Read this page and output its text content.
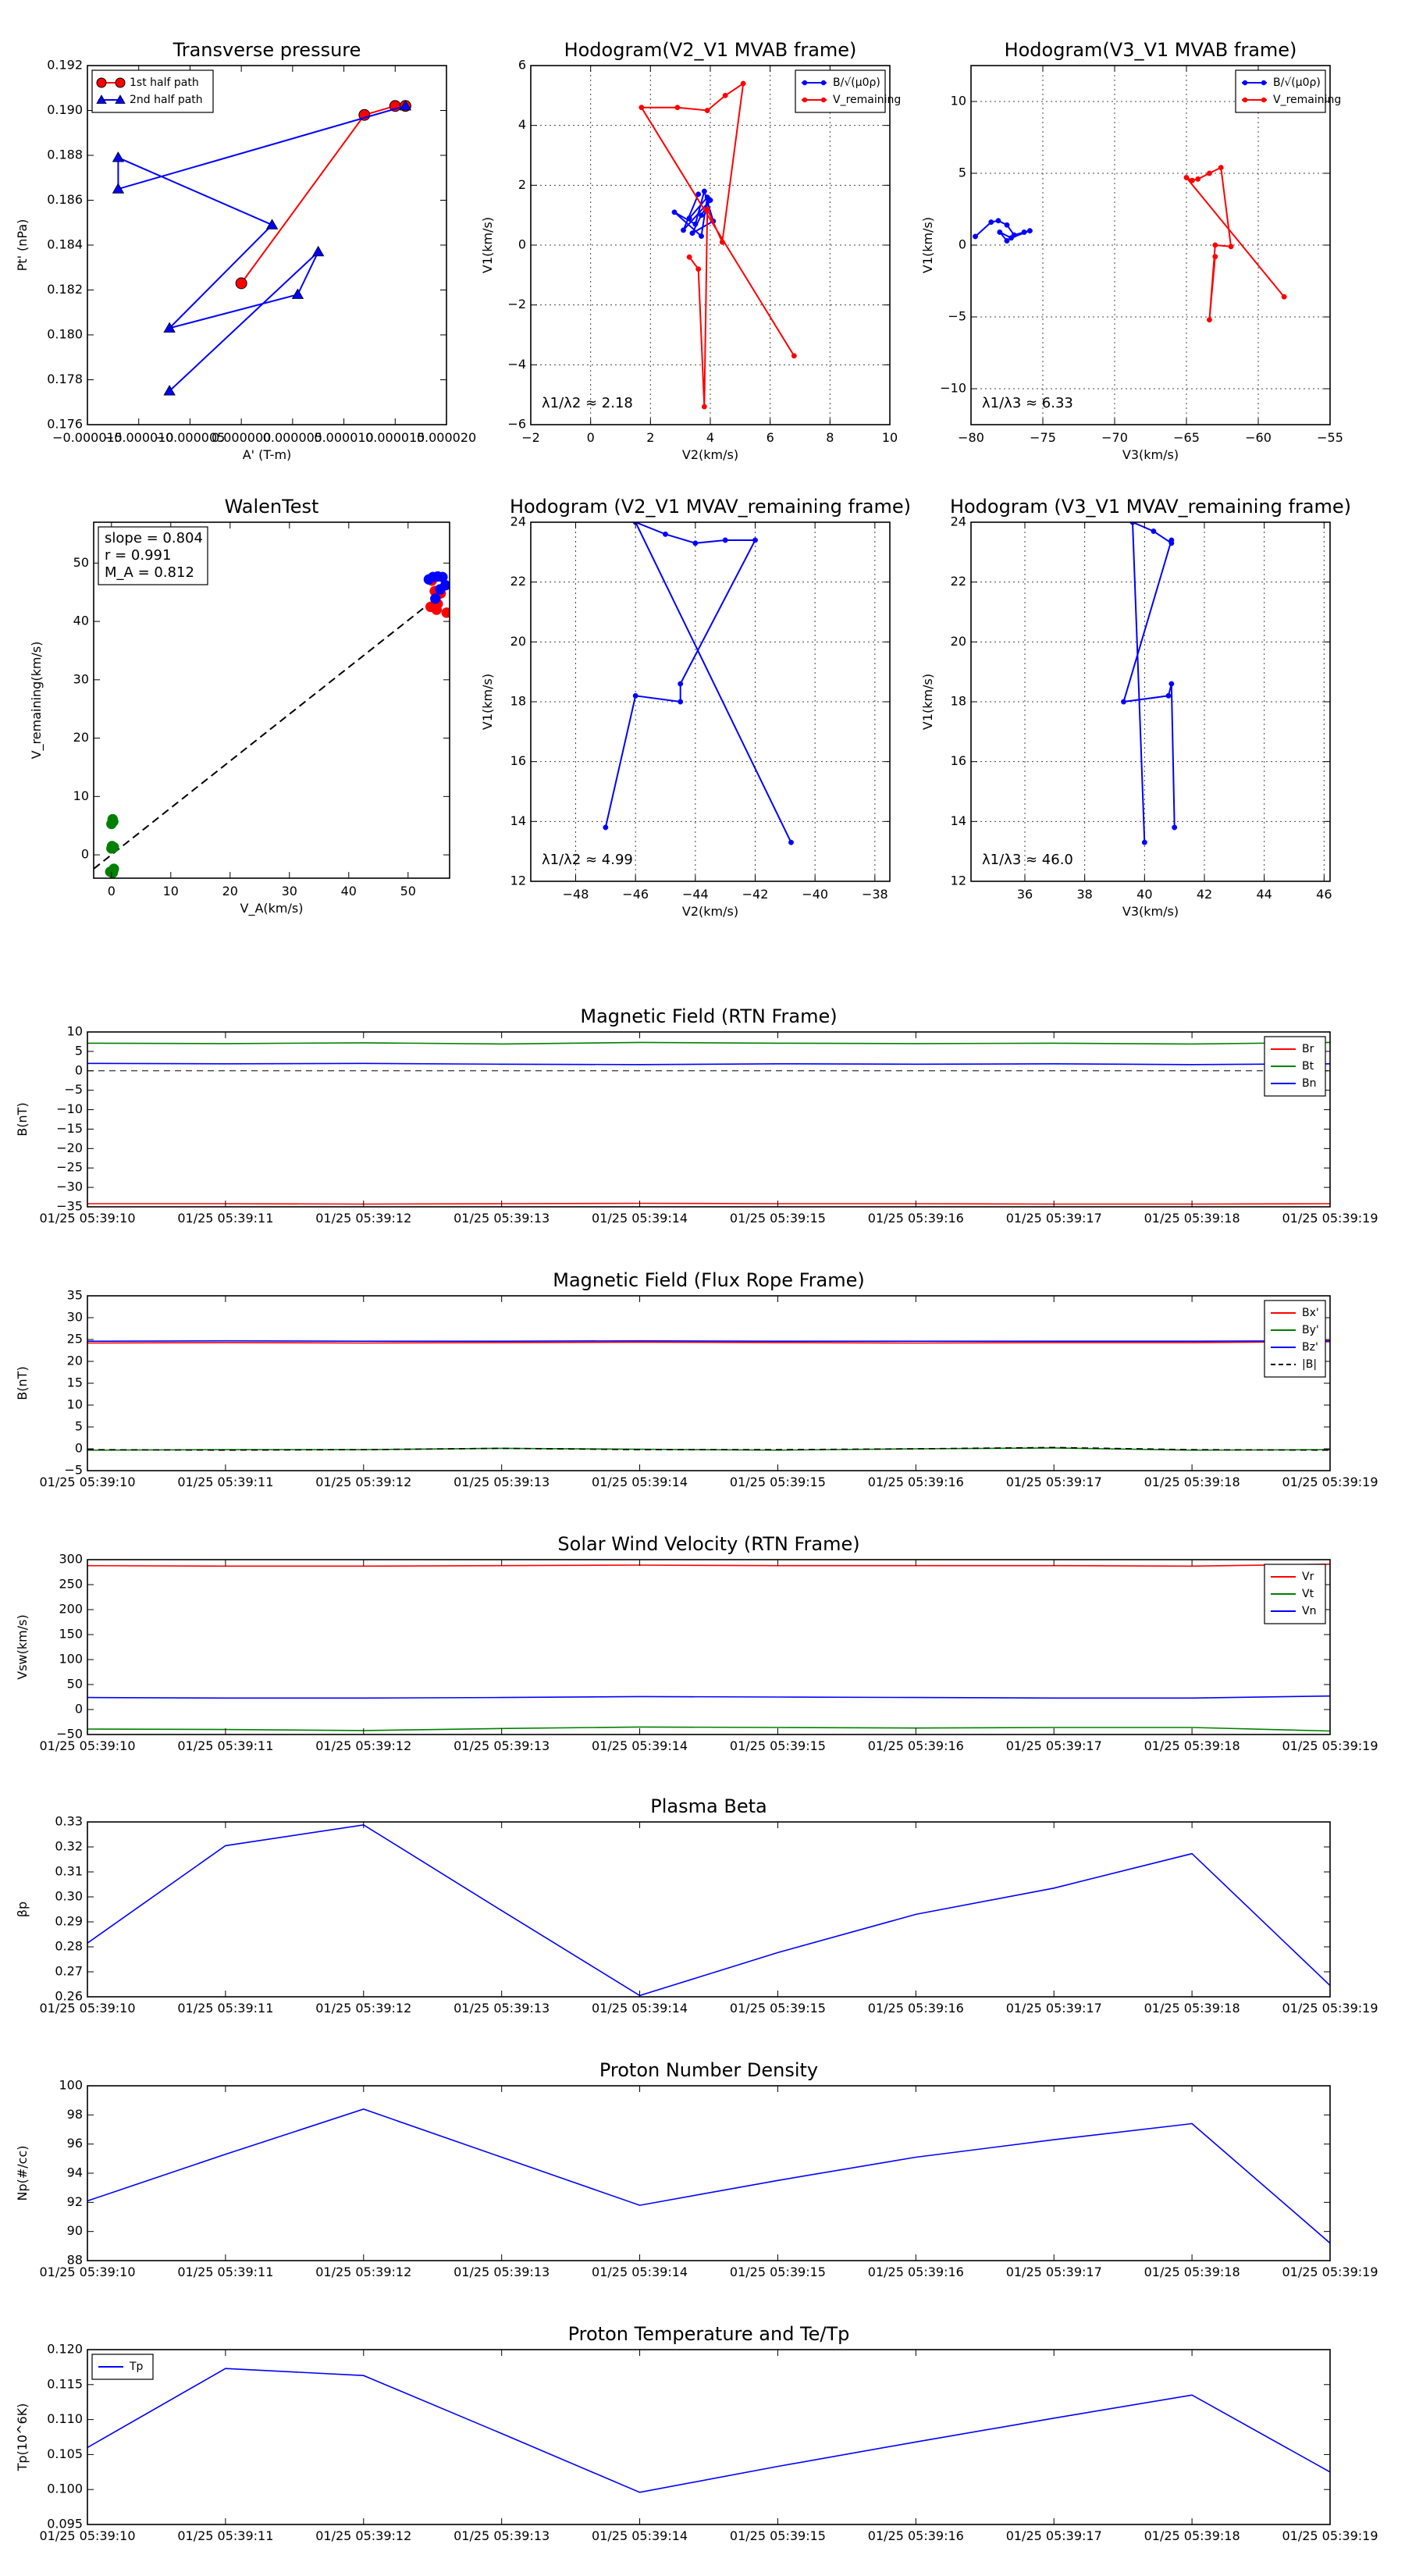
Transverse pressure
0.176
0.178
0.180
0.182
0.184
0.186
0.188
0.190
0.192
−0.000015
−0.000010
−0.000005
0.000000
0.000005
0.000010
0.000015
0.000020
A' (T-m)
Pt' (nPa)
1st half path
2nd half path
Hodogram(V2_V1 MVAB frame)
−6
−4
−2
0
2
4
6
−2	0	2	4	6	8	10
V2(km/s)
V1(km/s)
λ1/λ2 ≈ 2.18
B/√(μ0ρ)
V_remaining
Hodogram(V3_V1 MVAB frame)
−10
−5
0
5
10
−80	−75	−70	−65	−60	−55
V3(km/s)
V1(km/s)
λ1/λ3 ≈ 6.33
B/√(μ0ρ)
V_remaining
WalenTest
0
10
20
30
40
50
0	10	20	30	40	50
V_A(km/s)
V_remaining(km/s)
slope = 0.804
r = 0.991
M_A = 0.812
Hodogram (V2_V1 MVAV_remaining frame)
12
14
16
18
20
22
24
−48	−46	−44	−42	−40	−38
V2(km/s)
V1(km/s)
λ1/λ2 ≈ 4.99
Hodogram (V3_V1 MVAV_remaining frame)
12
14
16
18
20
22
24
36	38	40	42	44	46
V3(km/s)
V1(km/s)
λ1/λ3 ≈ 46.0
Magnetic Field (RTN Frame)
−35
−30
−25
−20
−15
−10
−5
0
5
10
01/25 05:39:10	01/25 05:39:11	01/25 05:39:12	01/25 05:39:13	01/25 05:39:14	01/25 05:39:15	01/25 05:39:16	01/25 05:39:17	01/25 05:39:18	01/25 05:39:19
B(nT)
Br
Bt
Bn
Magnetic Field (Flux Rope Frame)
−5
0
5
10
15
20
25
30
35
01/25 05:39:10	01/25 05:39:11	01/25 05:39:12	01/25 05:39:13	01/25 05:39:14	01/25 05:39:15	01/25 05:39:16	01/25 05:39:17	01/25 05:39:18	01/25 05:39:19
B(nT)
Bx'
By'
Bz'
|B|
Solar Wind Velocity (RTN Frame)
−50
0
50
100
150
200
250
300
01/25 05:39:10	01/25 05:39:11	01/25 05:39:12	01/25 05:39:13	01/25 05:39:14	01/25 05:39:15	01/25 05:39:16	01/25 05:39:17	01/25 05:39:18	01/25 05:39:19
Vsw(km/s)
Vr
Vt
Vn
Plasma Beta
0.26
0.27
0.28
0.29
0.30
0.31
0.32
0.33
01/25 05:39:10	01/25 05:39:11	01/25 05:39:12	01/25 05:39:13	01/25 05:39:14	01/25 05:39:15	01/25 05:39:16	01/25 05:39:17	01/25 05:39:18	01/25 05:39:19
βp
Proton Number Density
88
90
92
94
96
98
100
01/25 05:39:10	01/25 05:39:11	01/25 05:39:12	01/25 05:39:13	01/25 05:39:14	01/25 05:39:15	01/25 05:39:16	01/25 05:39:17	01/25 05:39:18	01/25 05:39:19
Np(#/cc)
Proton Temperature and Te/Tp
0.095
0.100
0.105
0.110
0.115
0.120
01/25 05:39:10	01/25 05:39:11	01/25 05:39:12	01/25 05:39:13	01/25 05:39:14	01/25 05:39:15	01/25 05:39:16	01/25 05:39:17	01/25 05:39:18	01/25 05:39:19
Tp(10^6K)
Tp
